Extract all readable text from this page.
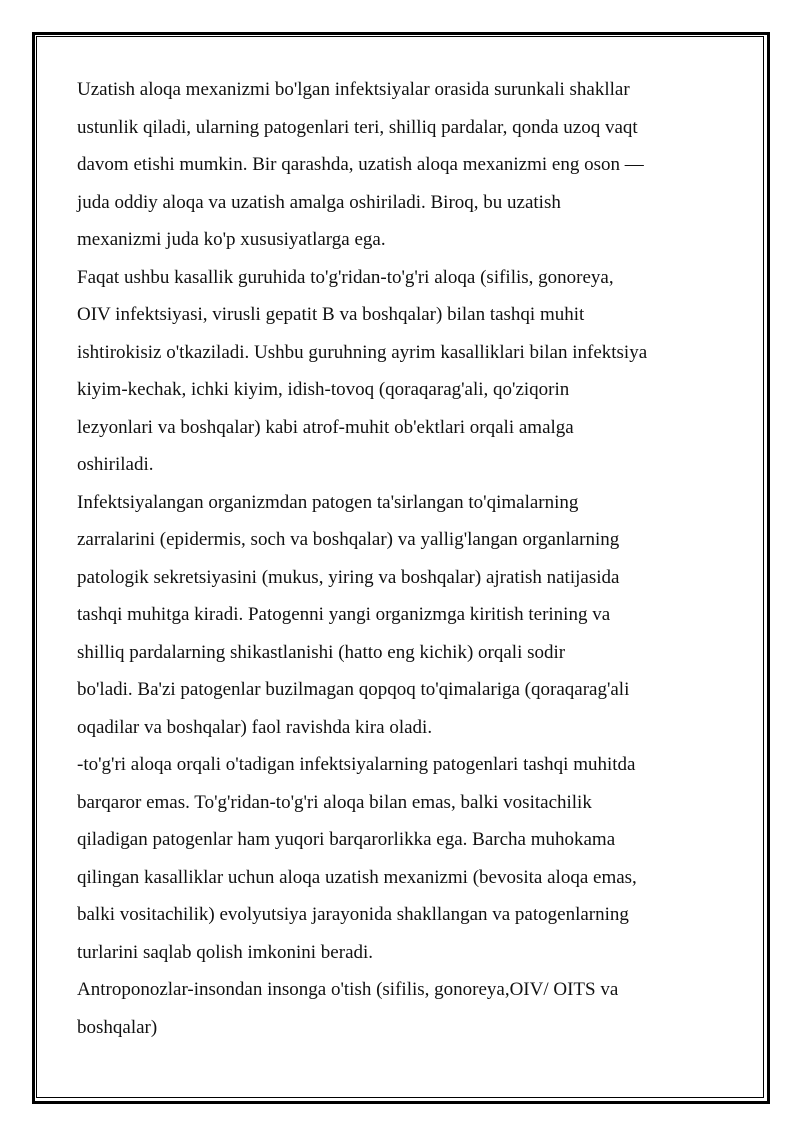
Uzatish aloqa mexanizmi bo'lgan infektsiyalar orasida surunkali shakllar
ustunlik qiladi, ularning patogenlari teri, shilliq pardalar, qonda uzoq vaqt
davom etishi mumkin. Bir qarashda, uzatish aloqa mexanizmi eng oson —
juda oddiy aloqa va uzatish amalga oshiriladi. Biroq, bu uzatish
mexanizmi juda ko'p xususiyatlarga ega.

Faqat ushbu kasallik guruhida to'g'ridan-to'g'ri aloqa (sifilis, gonoreya,
OIV infektsiyasi, virusli gepatit B va boshqalar) bilan tashqi muhit
ishtirokisiz o'tkaziladi. Ushbu guruhning ayrim kasalliklari bilan infektsiya
kiyim-kechak, ichki kiyim, idish-tovoq (qoraqarag'ali, qo'ziqorin
lezyonlari va boshqalar) kabi atrof-muhit ob'ektlari orqali amalga
oshiriladi.

Infektsiyalangan organizmdan patogen ta'sirlangan to'qimalarning
zarralarini (epidermis, soch va boshqalar) va yallig'langan organlarning
patologik sekretsiyasini (mukus, yiring va boshqalar) ajratish natijasida
tashqi muhitga kiradi. Patogenni yangi organizmga kiritish terining va
shilliq pardalarning shikastlanishi (hatto eng kichik) orqali sodir
bo'ladi. Ba'zi patogenlar buzilmagan qopqoq to'qimalariga (qoraqarag'ali
oqadilar va boshqalar) faol ravishda kira oladi.

-to'g'ri aloqa orqali o'tadigan infektsiyalarning patogenlari tashqi muhitda
barqaror emas. To'g'ridan-to'g'ri aloqa bilan emas, balki vositachilik
qiladigan patogenlar ham yuqori barqarorlikka ega. Barcha muhokama
qilingan kasalliklar uchun aloqa uzatish mexanizmi (bevosita aloqa emas,
balki vositachilik) evolyutsiya jarayonida shakllangan va patogenlarning
turlarini saqlab qolish imkonini beradi.

Antroponozlar-insondan insonga o'tish (sifilis, gonoreya,OIV/ OITS va
boshqalar)
